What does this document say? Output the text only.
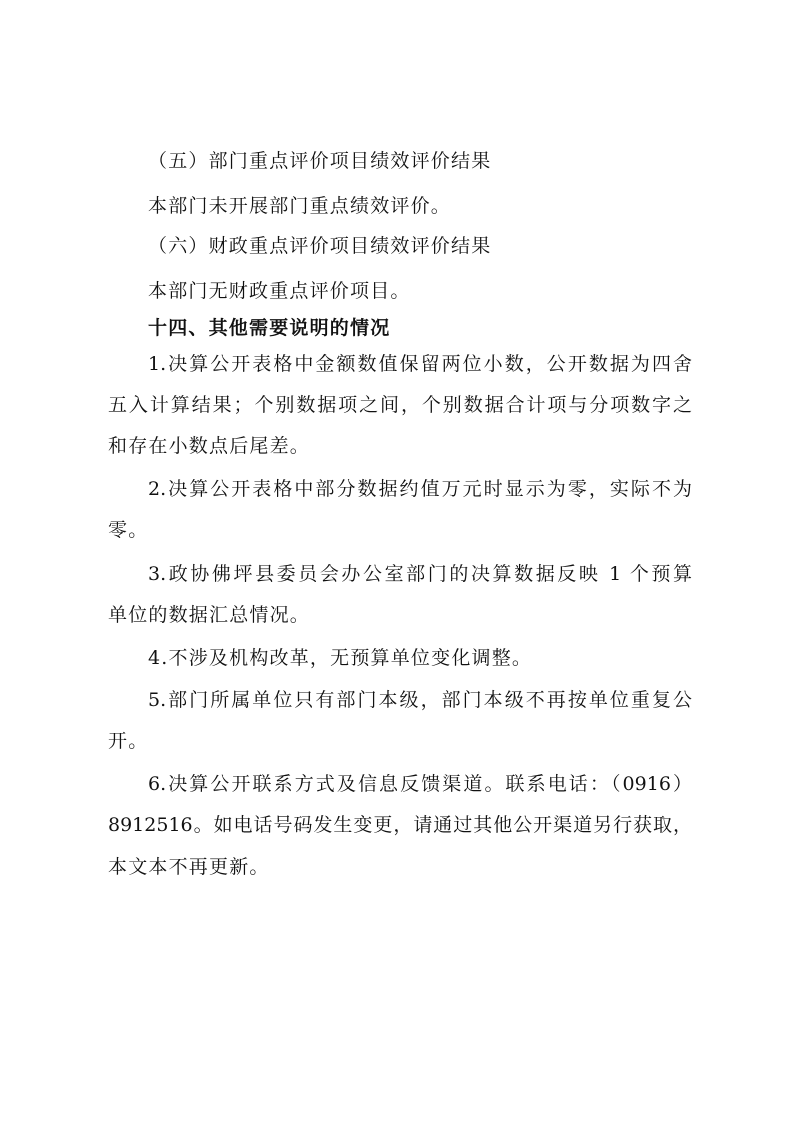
（五）部门重点评价项目绩效评价结果
本部门未开展部门重点绩效评价。
（六）财政重点评价项目绩效评价结果
本部门无财政重点评价项目。
十四、其他需要说明的情况
1.决算公开表格中金额数值保留两位小数，公开数据为四舍
五入计算结果；个别数据项之间，个别数据合计项与分项数字之
和存在小数点后尾差。
2.决算公开表格中部分数据约值万元时显示为零，实际不为
零。
3.政协佛坪县委员会办公室部门的决算数据反映 1 个预算
单位的数据汇总情况。
4.不涉及机构改革，无预算单位变化调整。
5.部门所属单位只有部门本级，部门本级不再按单位重复公
开。
6.决算公开联系方式及信息反馈渠道。联系电话：（0916）
8912516。如电话号码发生变更，请通过其他公开渠道另行获取，
本文本不再更新。
